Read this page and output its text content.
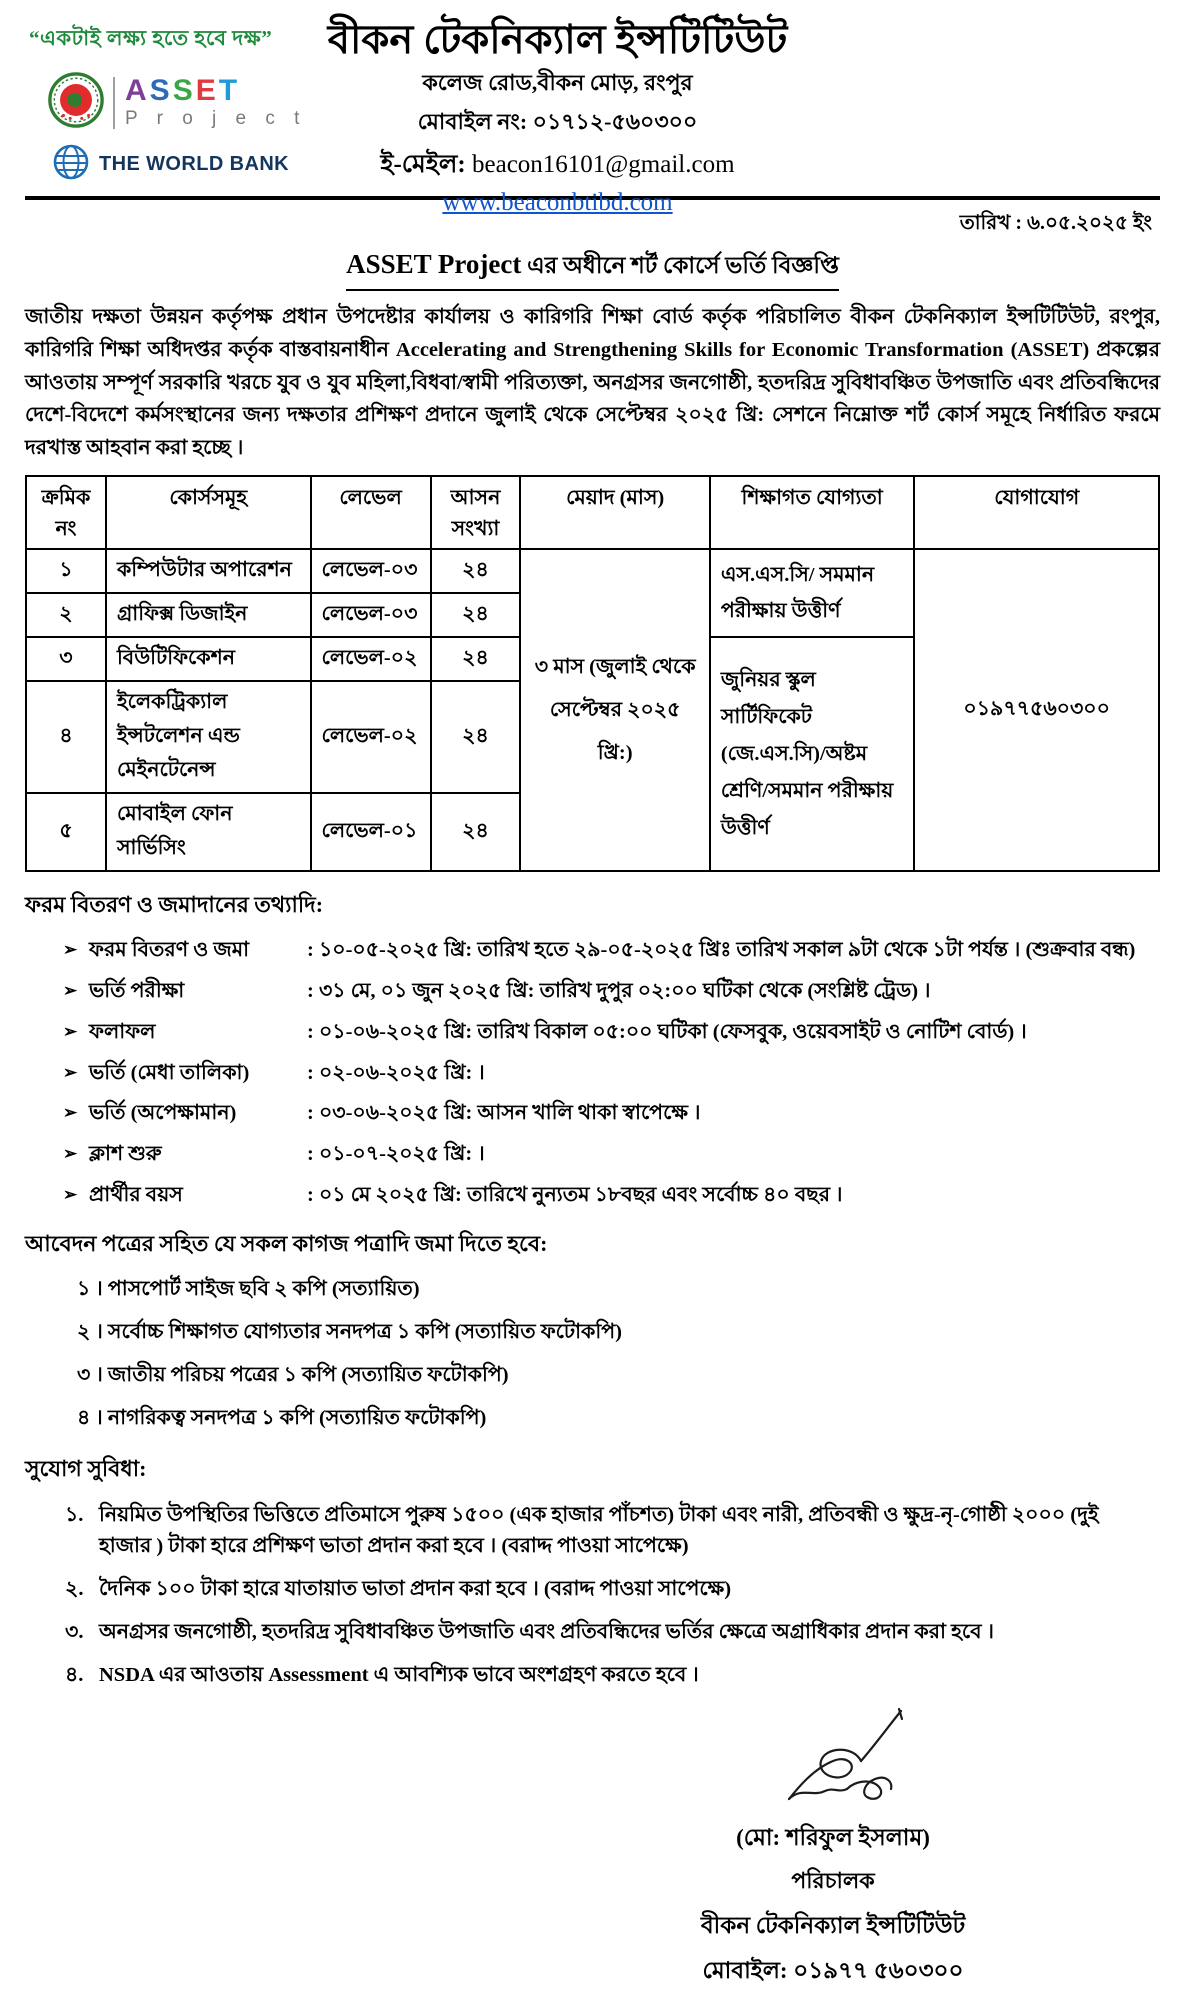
“একটাই লক্ষ্য হতে হবে দক্ষ”
ASSET
P r o j e c t
THE WORLD BANK
বীকন টেকনিক্যাল ইন্সটিটিউট
কলেজ রোড,বীকন মোড়, রংপুর
মোবাইল নং: ০১৭১২-৫৬০৩০০
ই-মেইল: beacon16101@gmail.com
www.beaconbtibd.com
তারিখ : ৬.০৫.২০২৫ ইং
ASSET Project এর অধীনে শর্ট কোর্সে ভর্তি বিজ্ঞপ্তি
জাতীয় দক্ষতা উন্নয়ন কর্তৃপক্ষ প্রধান উপদেষ্টার কার্যালয় ও কারিগরি শিক্ষা বোর্ড কর্তৃক পরিচালিত বীকন টেকনিক্যাল ইন্সটিটিউট, রংপুর, কারিগরি শিক্ষা অধিদপ্তর কর্তৃক বাস্তবায়নাধীন Accelerating and Strengthening Skills for Economic Transformation (ASSET) প্রকল্পের আওতায় সম্পূর্ণ সরকারি খরচে যুব ও যুব মহিলা,বিধবা/স্বামী পরিত্যক্তা, অনগ্রসর জনগোষ্ঠী, হতদরিদ্র সুবিধাবঞ্চিত উপজাতি এবং প্রতিবন্ধিদের দেশে-বিদেশে কর্মসংস্থানের জন্য দক্ষতার প্রশিক্ষণ প্রদানে জুলাই থেকে সেপ্টেম্বর ২০২৫ খ্রি: সেশনে নিম্নোক্ত শর্ট কোর্স সমূহে নির্ধারিত ফরমে দরখাস্ত আহবান করা হচ্ছে ।
ক্রমিক নং	কোর্সসমূহ	লেভেল	আসন সংখ্যা	মেয়াদ (মাস)	শিক্ষাগত যোগ্যতা	যোগাযোগ
১	কম্পিউটার অপারেশন	লেভেল-০৩	২৪	৩ মাস (জুলাই থেকে সেপ্টেম্বর ২০২৫ খ্রি:)	এস.এস.সি/ সমমান পরীক্ষায় উত্তীর্ণ	০১৯৭৭৫৬০৩০০
২	গ্রাফিক্স ডিজাইন	লেভেল-০৩	২৪			
৩	বিউটিফিকেশন	লেভেল-০২	২৪		জুনিয়র স্কুল সার্টিফিকেট (জে.এস.সি)/অষ্টম শ্রেণি/সমমান পরীক্ষায় উত্তীর্ণ	
৪	ইলেকট্রিক্যাল ইন্সটলেশন এন্ড মেইনটেনেন্স	লেভেল-০২	২৪			
৫	মোবাইল ফোন সার্ভিসিং	লেভেল-০১	২৪			
ফরম বিতরণ ও জমাদানের তথ্যাদি:
➢ ফরম বিতরণ ও জমা	: ১০-০৫-২০২৫ খ্রি: তারিখ হতে ২৯-০৫-২০২৫ খ্রিঃ তারিখ সকাল ৯টা থেকে ১টা পর্যন্ত । (শুক্রবার বন্ধ)
➢ ভর্তি পরীক্ষা	: ৩১ মে, ০১ জুন ২০২৫ খ্রি: তারিখ দুপুর ০২:০০ ঘটিকা থেকে (সংশ্লিষ্ট ট্রেড) ।
➢ ফলাফল	: ০১-০৬-২০২৫ খ্রি: তারিখ বিকাল ০৫:০০ ঘটিকা (ফেসবুক, ওয়েবসাইট ও নোটিশ বোর্ড) ।
➢ ভর্তি (মেধা তালিকা)	: ০২-০৬-২০২৫ খ্রি: ।
➢ ভর্তি (অপেক্ষামান)	: ০৩-০৬-২০২৫ খ্রি: আসন খালি থাকা স্বাপেক্ষে ।
➢ ক্লাশ শুরু	: ০১-০৭-২০২৫ খ্রি: ।
➢ প্রার্থীর বয়স	: ০১ মে ২০২৫ খ্রি: তারিখে নুন্যতম ১৮বছর এবং সর্বোচ্চ ৪০ বছর ।
আবেদন পত্রের সহিত যে সকল কাগজ পত্রাদি জমা দিতে হবে:
১ । পাসপোর্ট সাইজ ছবি ২ কপি (সত্যায়িত)
২ । সর্বোচ্চ শিক্ষাগত যোগ্যতার সনদপত্র ১ কপি (সত্যায়িত ফটোকপি)
৩ । জাতীয় পরিচয় পত্রের ১ কপি (সত্যায়িত ফটোকপি)
৪ । নাগরিকত্ব সনদপত্র ১ কপি (সত্যায়িত ফটোকপি)
সুযোগ সুবিধা:
১. নিয়মিত উপস্থিতির ভিত্তিতে প্রতিমাসে পুরুষ ১৫০০ (এক হাজার পাঁচশত) টাকা এবং নারী, প্রতিবন্ধী ও ক্ষুদ্র-নৃ-গোষ্ঠী ২০০০ (দুই হাজার ) টাকা হারে প্রশিক্ষণ ভাতা প্রদান করা হবে । (বরাদ্দ পাওয়া সাপেক্ষে)
২. দৈনিক ১০০ টাকা হারে যাতায়াত ভাতা প্রদান করা হবে । (বরাদ্দ পাওয়া সাপেক্ষে)
৩. অনগ্রসর জনগোষ্ঠী, হতদরিদ্র সুবিধাবঞ্চিত উপজাতি এবং প্রতিবন্ধিদের ভর্তির ক্ষেত্রে অগ্রাধিকার প্রদান করা হবে ।
৪. NSDA এর আওতায় Assessment এ আবশ্যিক ভাবে অংশগ্রহণ করতে হবে ।
(মো: শরিফুল ইসলাম)
পরিচালক
বীকন টেকনিক্যাল ইন্সটিটিউট
মোবাইল: ০১৯৭৭ ৫৬০৩০০
